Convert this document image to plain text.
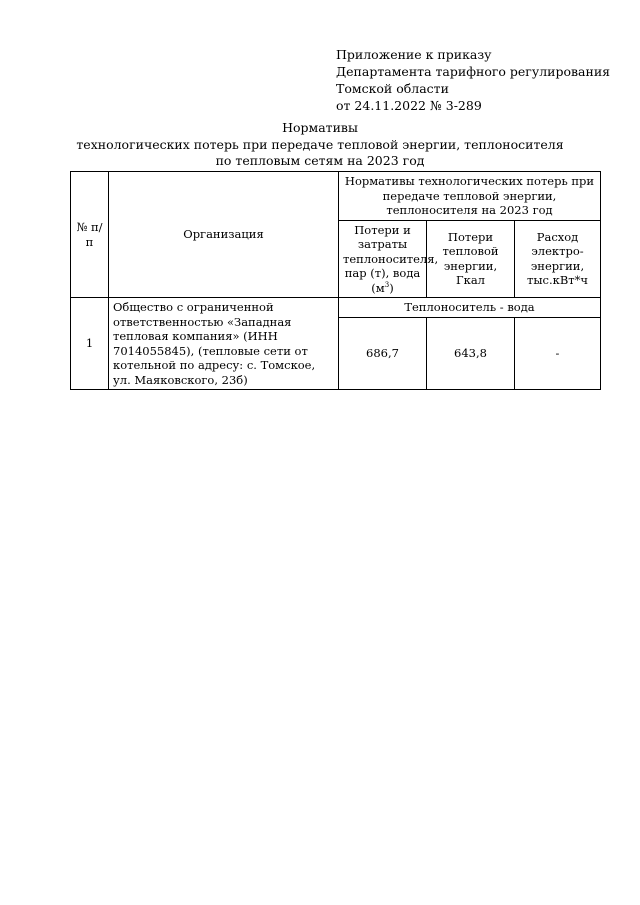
Приложение к приказу
Департамента тарифного регулирования
Томской области
от 24.11.2022 № 3-289
Нормативы
технологических потерь при передаче тепловой энергии, теплоносителя
по тепловым сетям на 2023 год
№ п/п	Организация	Нормативы технологических потерь при передаче тепловой энергии, теплоносителя на 2023 год		
		Потери и затраты теплоносителя, пар (т), вода $(м^3)$	Потери тепловой энергии, Гкал	Расход электро-энергии, тыс.кВт*ч
1	Общество с ограниченной ответственностью «Западная тепловая компания» (ИНН 7014055845), (тепловые сети от котельной по адресу: с. Томское, ул. Маяковского, 23б)	Теплоноситель - вода		
		686,7	643,8	-
